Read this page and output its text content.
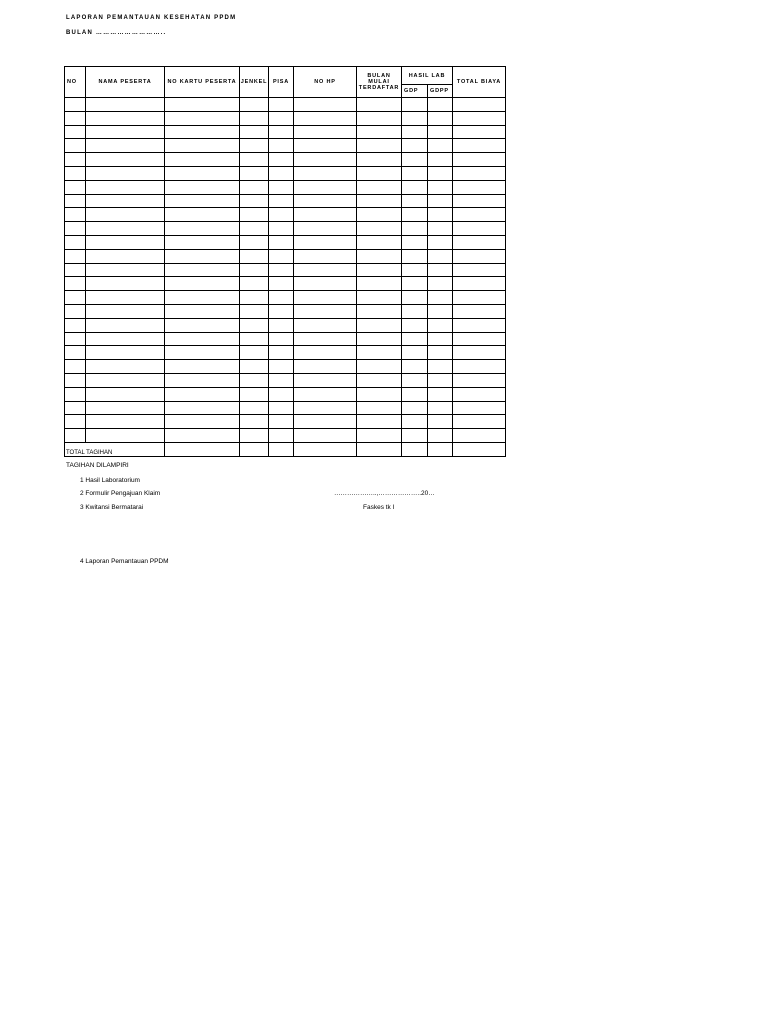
LAPORAN PEMANTAUAN KESEHATAN PPDM
BULAN ………………………..
NO	NAMA PESERTA	NO KARTU PESERTA	JENKEL	PISA	NO HP	BULAN MULAI TERDAFTAR	HASIL LAB		TOTAL BIAYA
							GDP	GDPP	

TOTAL TAGIHAN									
TAGIHAN DILAMPIRI
1 Hasil Laboratorium
2 Formulir Pengajuan Klaim
3 Kwitansi Bermatarai
4 Laporan Pemantauan PPDM
………………..,………………..20…
Faskes tk I
